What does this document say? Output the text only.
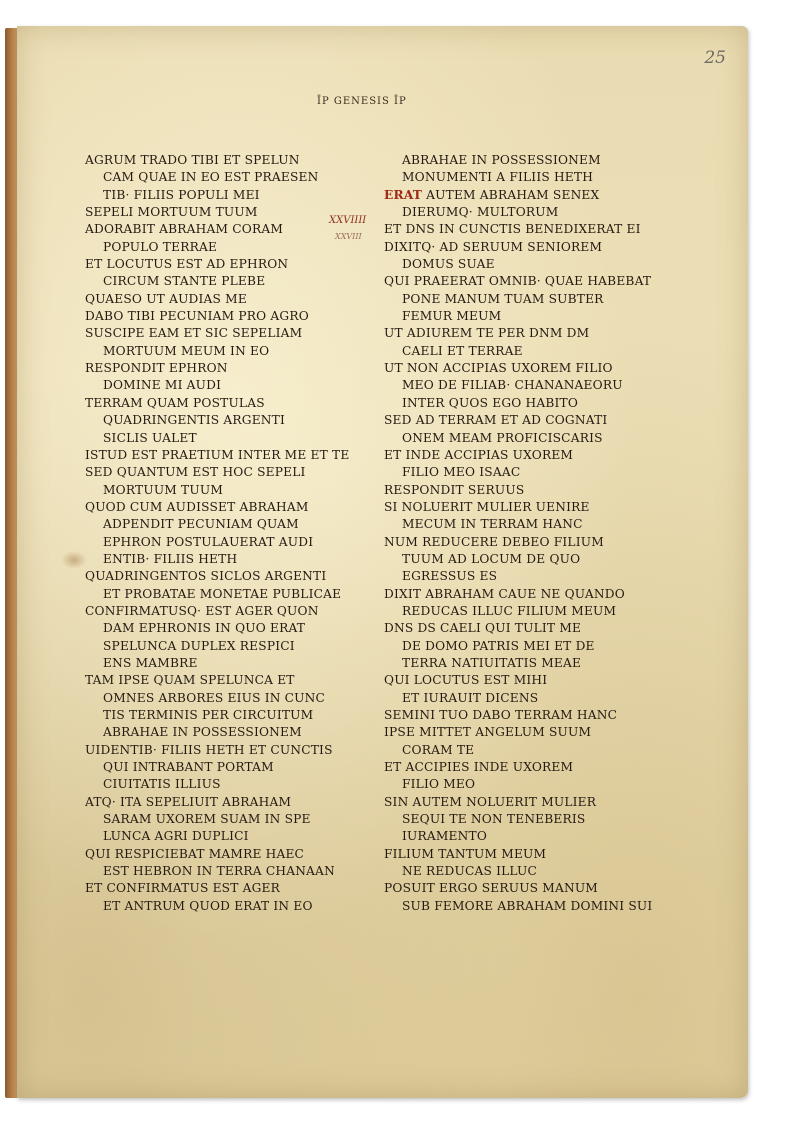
25
ĪP GENESIS ĪP
XXVIIII
XXVIII
AGRUM TRADO TIBI ET SPELUN
CAM QUAE IN EO EST PRAESEN
TIB· FILIIS POPULI MEI
SEPELI MORTUUM TUUM
ADORABIT ABRAHAM CORAM
POPULO TERRAE
ET LOCUTUS EST AD EPHRON
CIRCUM STANTE PLEBE
QUAESO UT AUDIAS ME
DABO TIBI PECUNIAM PRO AGRO
SUSCIPE EAM ET SIC SEPELIAM
MORTUUM MEUM IN EO
RESPONDIT EPHRON
DOMINE MI AUDI
TERRAM QUAM POSTULAS
QUADRINGENTIS ARGENTI
SICLIS UALET
ISTUD EST PRAETIUM INTER ME ET TE
SED QUANTUM EST HOC SEPELI
MORTUUM TUUM
QUOD CUM AUDISSET ABRAHAM
ADPENDIT PECUNIAM QUAM
EPHRON POSTULAUERAT AUDI
ENTIB· FILIIS HETH
QUADRINGENTOS SICLOS ARGENTI
ET PROBATAE MONETAE PUBLICAE
CONFIRMATUSQ· EST AGER QUON
DAM EPHRONIS IN QUO ERAT
SPELUNCA DUPLEX RESPICI
ENS MAMBRE
TAM IPSE QUAM SPELUNCA ET
OMNES ARBORES EIUS IN CUNC
TIS TERMINIS PER CIRCUITUM
ABRAHAE IN POSSESSIONEM
UIDENTIB· FILIIS HETH ET CUNCTIS
QUI INTRABANT PORTAM
CIUITATIS ILLIUS
ATQ· ITA SEPELIUIT ABRAHAM
SARAM UXOREM SUAM IN SPE
LUNCA AGRI DUPLICI
QUI RESPICIEBAT MAMRE HAEC
EST HEBRON IN TERRA CHANAAN
ET CONFIRMATUS EST AGER
ET ANTRUM QUOD ERAT IN EO
ABRAHAE IN POSSESSIONEM
MONUMENTI A FILIIS HETH
ERAT AUTEM ABRAHAM SENEX
DIERUMQ· MULTORUM
ET DNS IN CUNCTIS BENEDIXERAT EI
DIXITQ· AD SERUUM SENIOREM
DOMUS SUAE
QUI PRAEERAT OMNIB· QUAE HABEBAT
PONE MANUM TUAM SUBTER
FEMUR MEUM
UT ADIUREM TE PER DNM DM
CAELI ET TERRAE
UT NON ACCIPIAS UXOREM FILIO
MEO DE FILIAB· CHANANAEORU
INTER QUOS EGO HABITO
SED AD TERRAM ET AD COGNATI
ONEM MEAM PROFICISCARIS
ET INDE ACCIPIAS UXOREM
FILIO MEO ISAAC
RESPONDIT SERUUS
SI NOLUERIT MULIER UENIRE
MECUM IN TERRAM HANC
NUM REDUCERE DEBEO FILIUM
TUUM AD LOCUM DE QUO
EGRESSUS ES
DIXIT ABRAHAM CAUE NE QUANDO
REDUCAS ILLUC FILIUM MEUM
DNS DS CAELI QUI TULIT ME
DE DOMO PATRIS MEI ET DE
TERRA NATIUITATIS MEAE
QUI LOCUTUS EST MIHI
ET IURAUIT DICENS
SEMINI TUO DABO TERRAM HANC
IPSE MITTET ANGELUM SUUM
CORAM TE
ET ACCIPIES INDE UXOREM
FILIO MEO
SIN AUTEM NOLUERIT MULIER
SEQUI TE NON TENEBERIS
IURAMENTO
FILIUM TANTUM MEUM
NE REDUCAS ILLUC
POSUIT ERGO SERUUS MANUM
SUB FEMORE ABRAHAM DOMINI SUI
